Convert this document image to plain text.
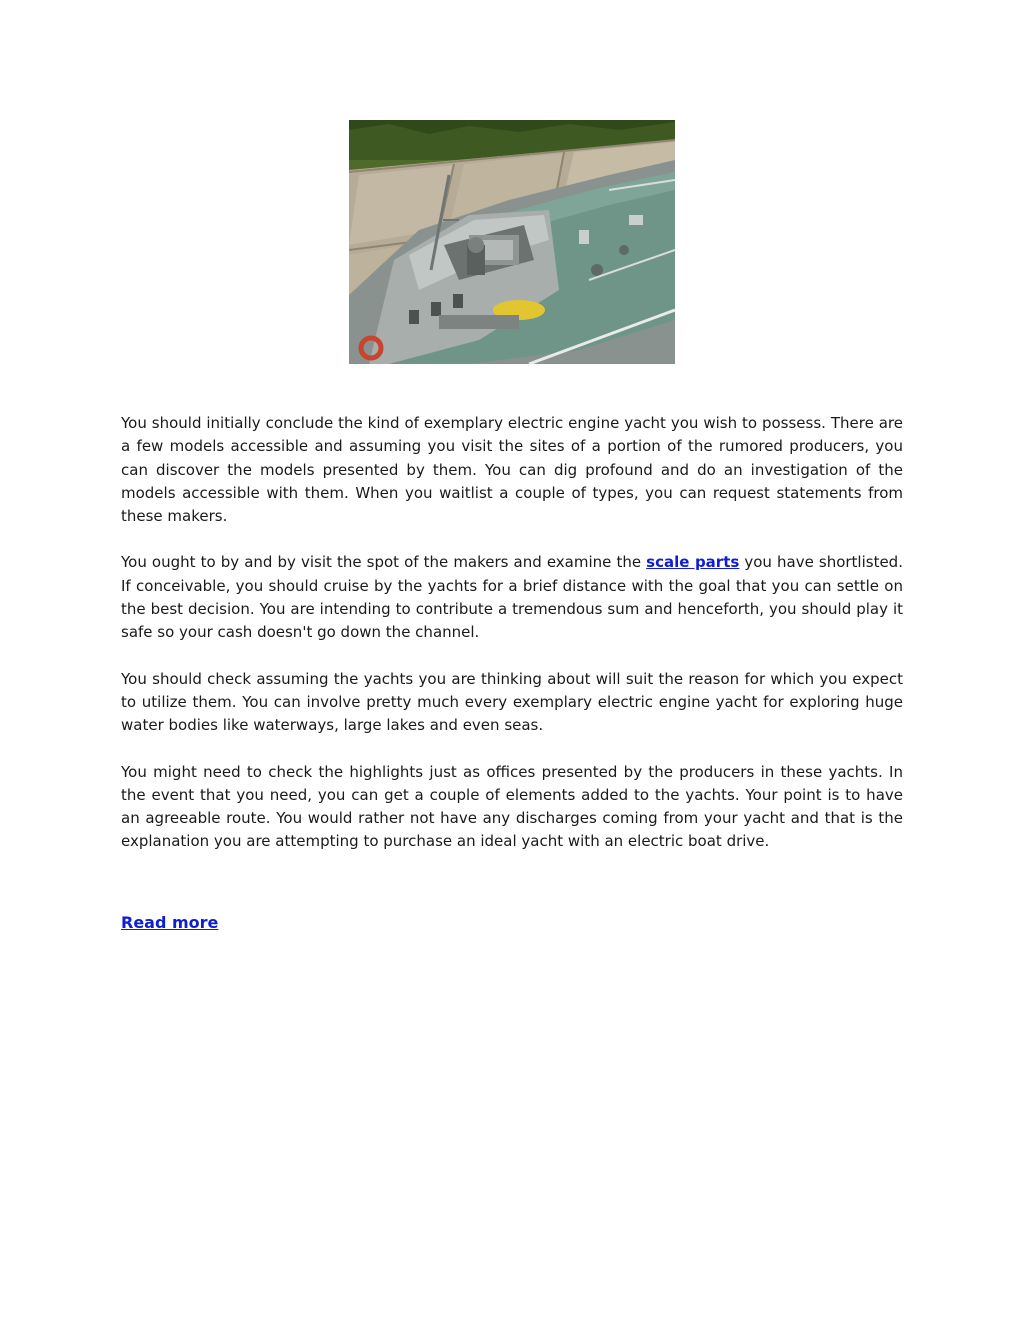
You should initially conclude the kind of exemplary electric engine yacht you wish to possess. There are a few models accessible and assuming you visit the sites of a portion of the rumored producers, you can discover the models presented by them. You can dig profound and do an investigation of the models accessible with them. When you waitlist a couple of types, you can request statements from these makers.

You ought to by and by visit the spot of the makers and examine the scale parts you have shortlisted. If conceivable, you should cruise by the yachts for a brief distance with the goal that you can settle on the best decision. You are intending to contribute a tremendous sum and henceforth, you should play it safe so your cash doesn't go down the channel.

You should check assuming the yachts you are thinking about will suit the reason for which you expect to utilize them. You can involve pretty much every exemplary electric engine yacht for exploring huge water bodies like waterways, large lakes and even seas.

You might need to check the highlights just as offices presented by the producers in these yachts. In the event that you need, you can get a couple of elements added to the yachts. Your point is to have an agreeable route. You would rather not have any discharges coming from your yacht and that is the explanation you are attempting to purchase an ideal yacht with an electric boat drive.

Read more
